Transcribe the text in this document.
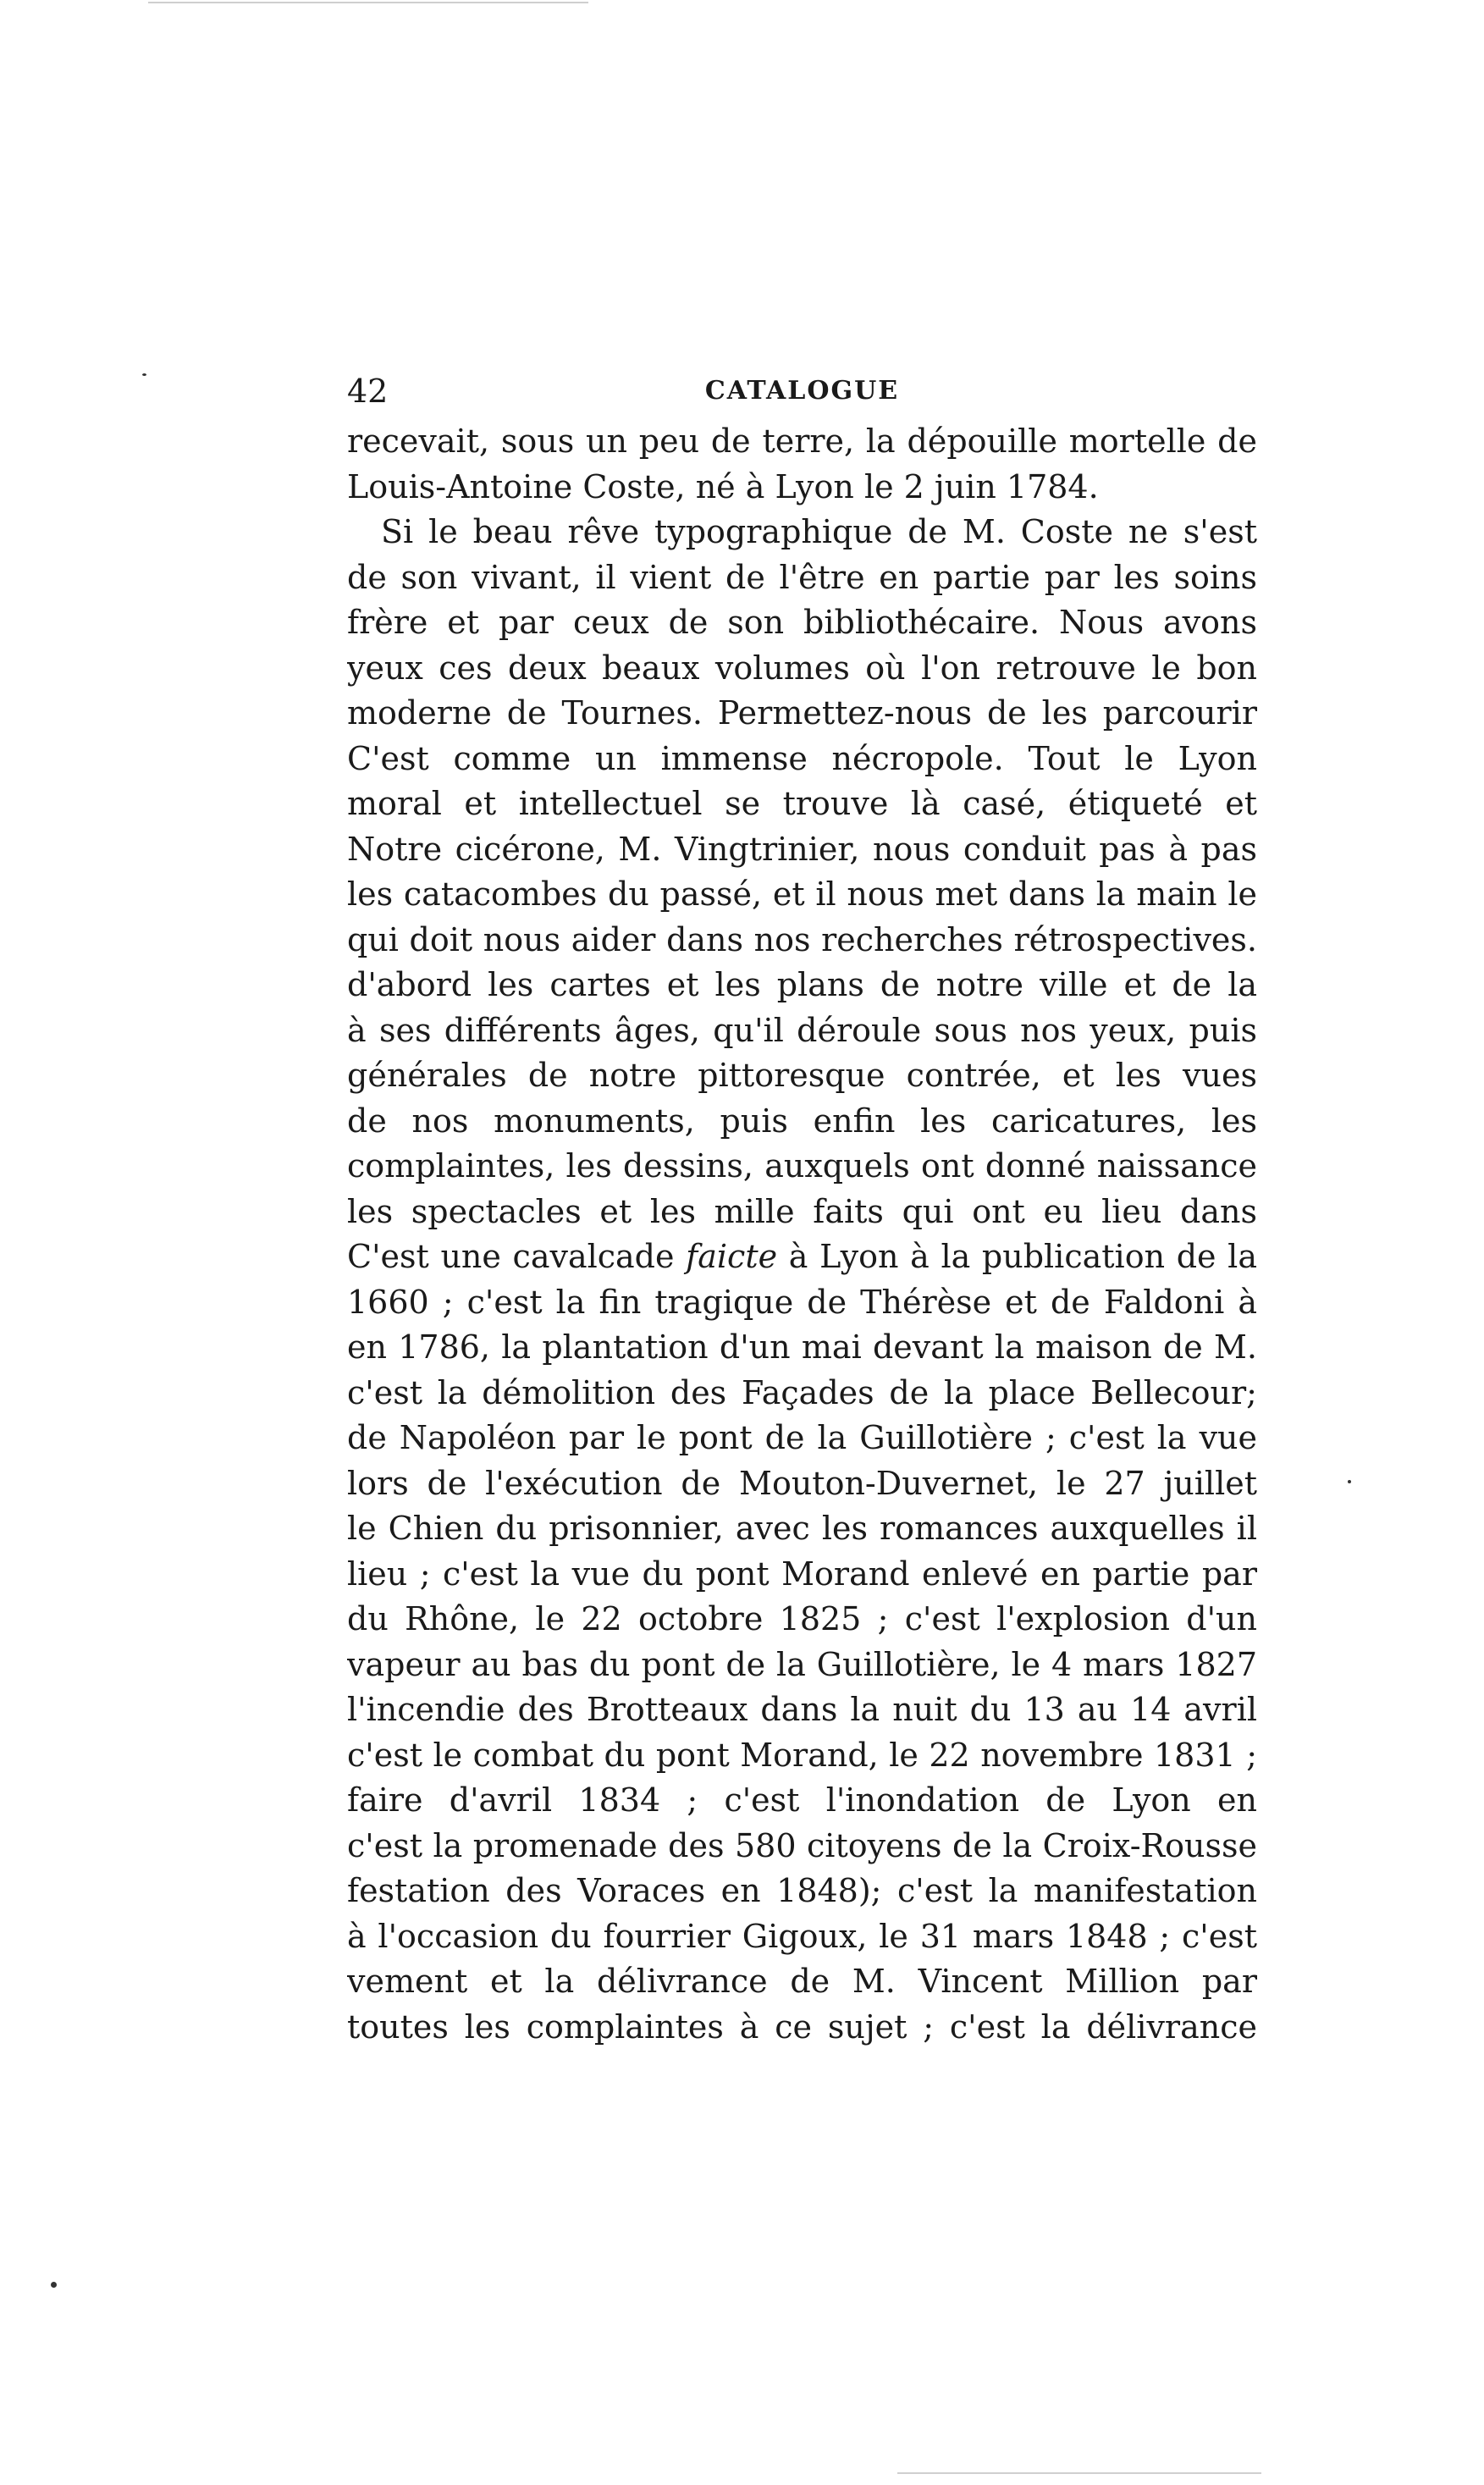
42	CATALOGUE
recevait, sous un peu de terre, la dépouille mortelle de
Louis-Antoine Coste, né à Lyon le 2 juin 1784.
Si le beau rêve typographique de M. Coste ne s'est
de son vivant, il vient de l'être en partie par les soins
frère et par ceux de son bibliothécaire. Nous avons
yeux ces deux beaux volumes où l'on retrouve le bon
moderne de Tournes. Permettez-nous de les parcourir
C'est comme un immense nécropole. Tout le Lyon
moral et intellectuel se trouve là casé, étiqueté et
Notre cicérone, M. Vingtrinier, nous conduit pas à pas
les catacombes du passé, et il nous met dans la main le
qui doit nous aider dans nos recherches rétrospectives.
d'abord les cartes et les plans de notre ville et de la
à ses différents âges, qu'il déroule sous nos yeux, puis
générales de notre pittoresque contrée, et les vues
de nos monuments, puis enfin les caricatures, les
complaintes, les dessins, auxquels ont donné naissance
les spectacles et les mille faits qui ont eu lieu dans
C'est une cavalcade faicte à Lyon à la publication de la
1660 ; c'est la fin tragique de Thérèse et de Faldoni à
en 1786, la plantation d'un mai devant la maison de M.
c'est la démolition des Façades de la place Bellecour;
de Napoléon par le pont de la Guillotière ; c'est la vue
lors de l'exécution de Mouton-Duvernet, le 27 juillet
le Chien du prisonnier, avec les romances auxquelles il
lieu ; c'est la vue du pont Morand enlevé en partie par
du Rhône, le 22 octobre 1825 ; c'est l'explosion d'un
vapeur au bas du pont de la Guillotière, le 4 mars 1827
l'incendie des Brotteaux dans la nuit du 13 au 14 avril
c'est le combat du pont Morand, le 22 novembre 1831 ;
faire d'avril 1834 ; c'est l'inondation de Lyon en
c'est la promenade des 580 citoyens de la Croix-Rousse
festation des Voraces en 1848); c'est la manifestation
à l'occasion du fourrier Gigoux, le 31 mars 1848 ; c'est
vement et la délivrance de M. Vincent Million par
toutes les complaintes à ce sujet ; c'est la délivrance
